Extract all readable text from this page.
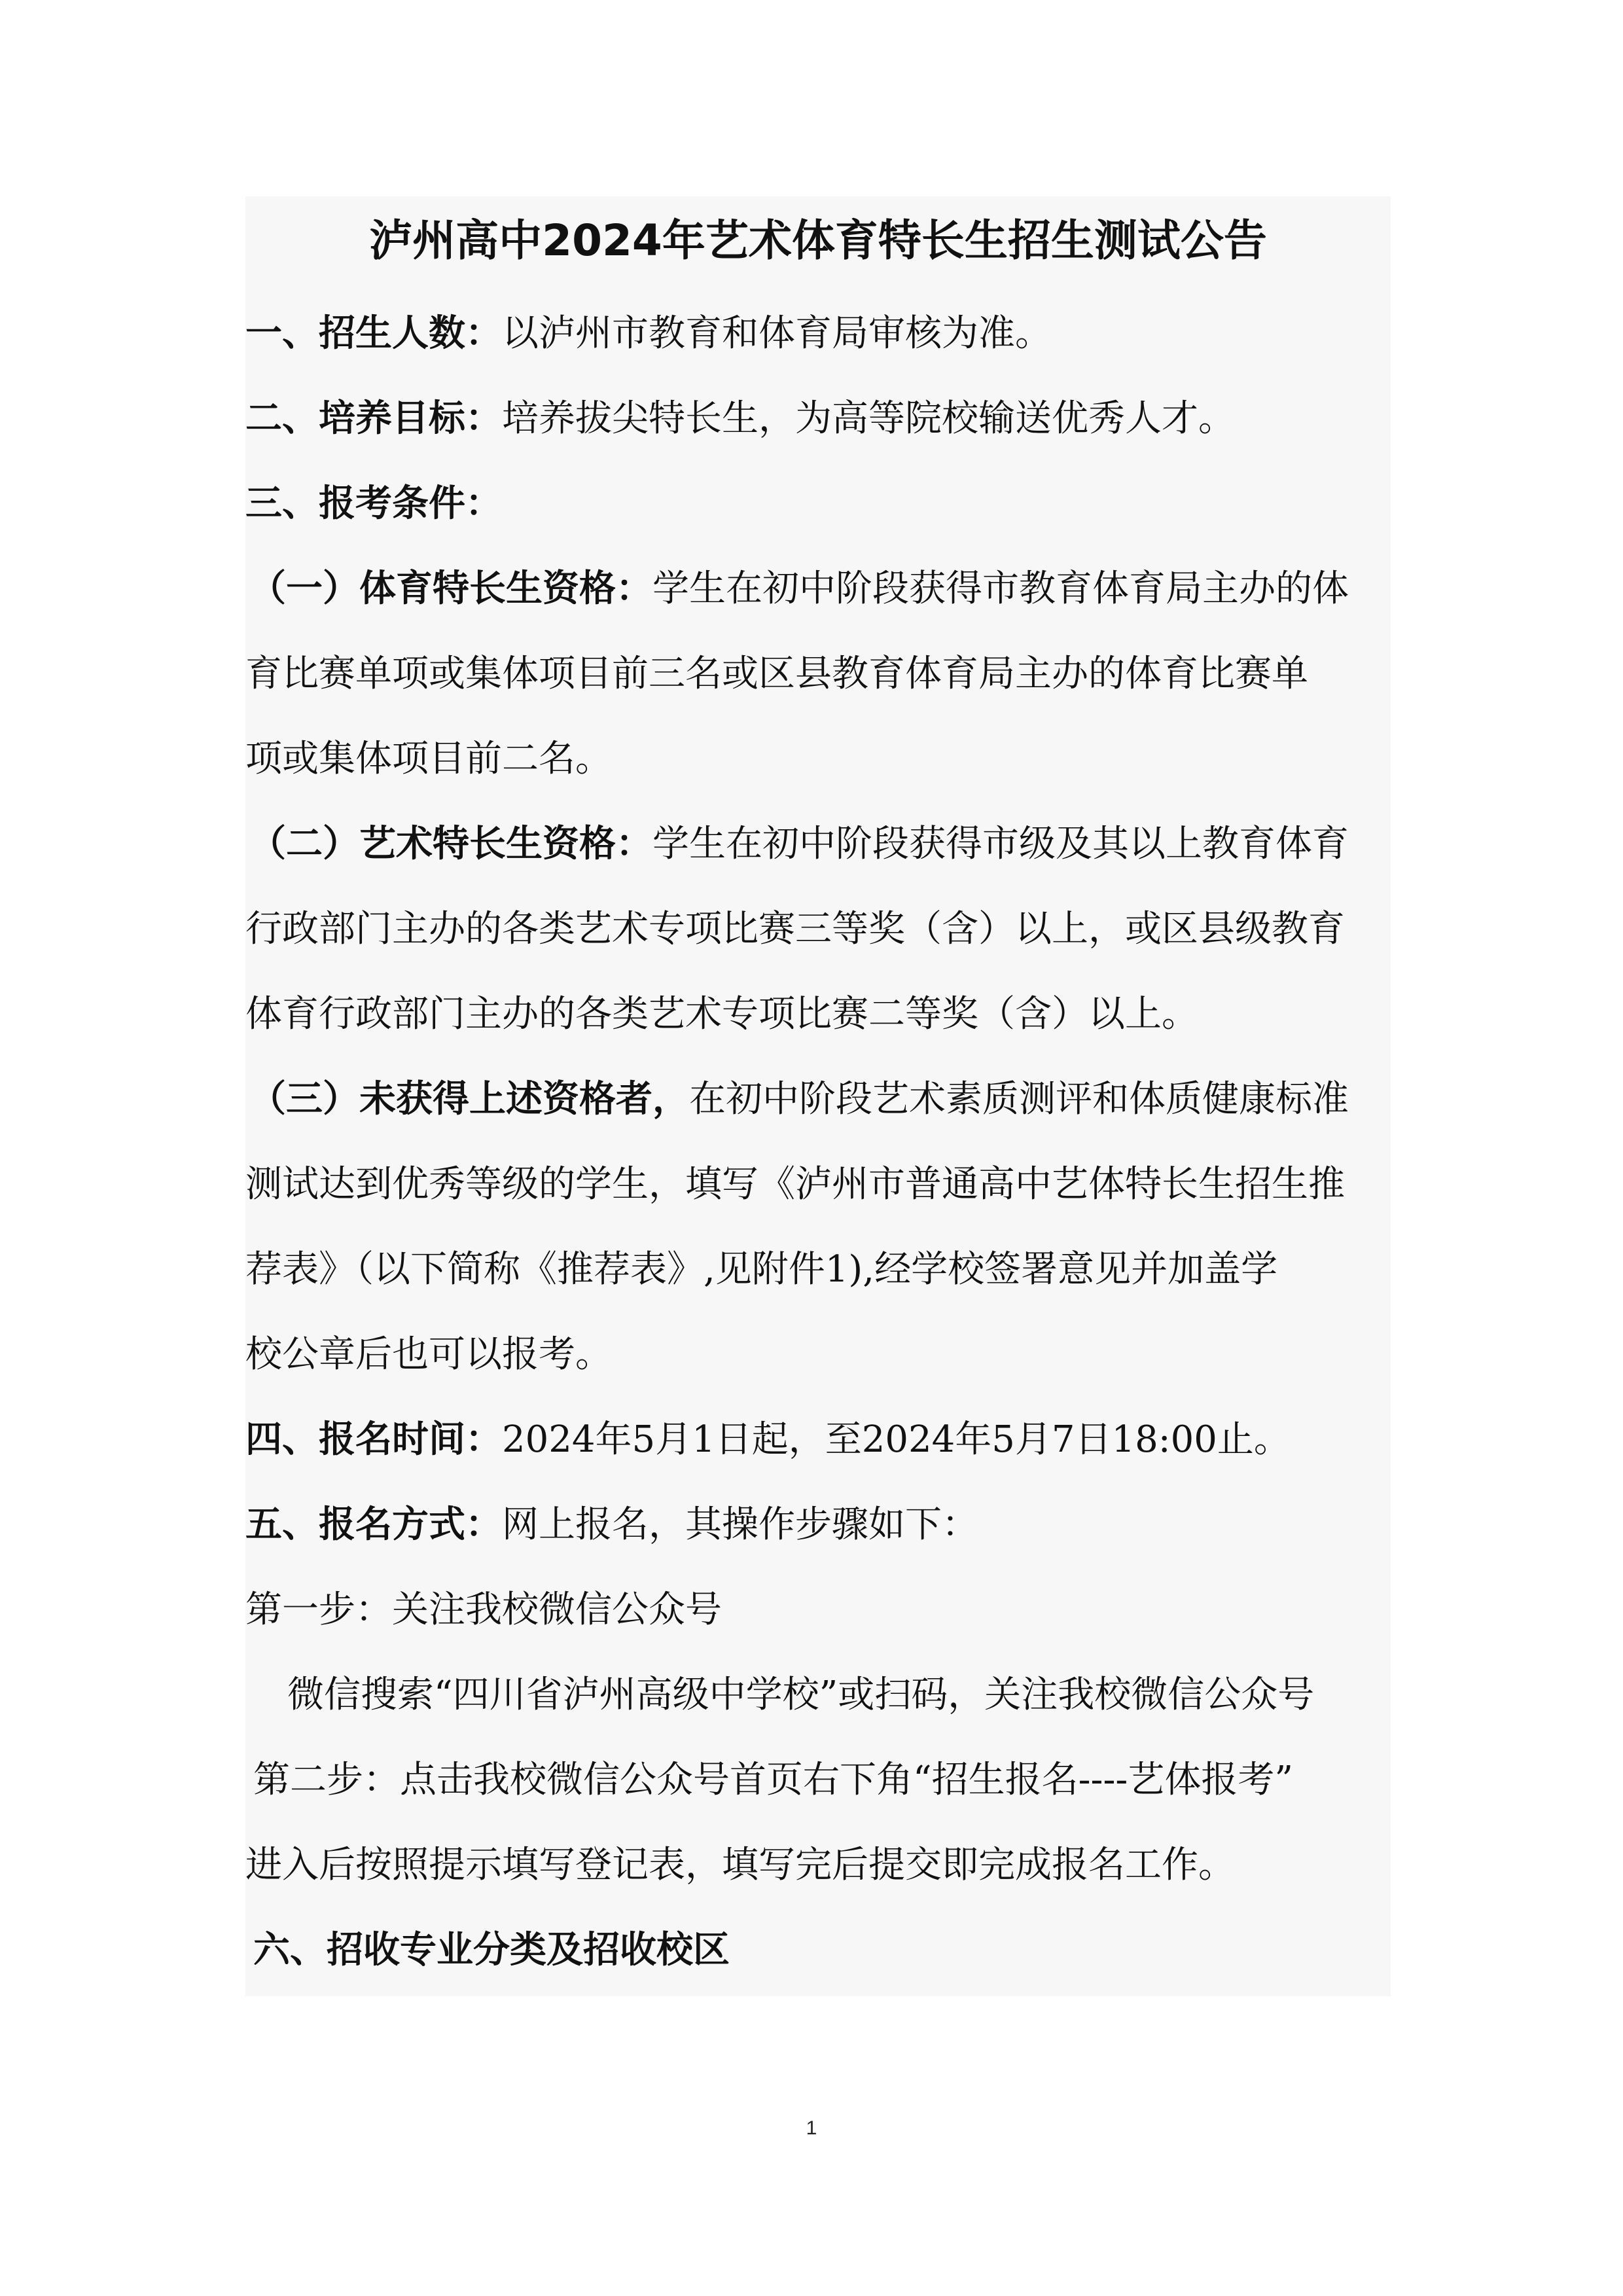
泸州高中2024年艺术体育特长生招生测试公告

一、招生人数：以泸州市教育和体育局审核为准。

二、培养目标：培养拔尖特长生，为高等院校输送优秀人才。

三、报考条件：

（一）体育特长生资格：学生在初中阶段获得市教育体育局主办的体

育比赛单项或集体项目前三名或区县教育体育局主办的体育比赛单

项或集体项目前二名。

（二）艺术特长生资格：学生在初中阶段获得市级及其以上教育体育

行政部门主办的各类艺术专项比赛三等奖（含）以上，或区县级教育

体育行政部门主办的各类艺术专项比赛二等奖（含）以上。

（三）未获得上述资格者，在初中阶段艺术素质测评和体质健康标准

测试达到优秀等级的学生，填写《泸州市普通高中艺体特长生招生推

荐表》（以下简称《推荐表》,见附件1),经学校签署意见并加盖学

校公章后也可以报考。

四、报名时间：2024年5月1日起，至2024年5月7日18:00止。

五、报名方式：网上报名，其操作步骤如下：

第一步：关注我校微信公众号

微信搜索“四川省泸州高级中学校”或扫码，关注我校微信公众号

第二步：点击我校微信公众号首页右下角“招生报名----艺体报考”

进入后按照提示填写登记表，填写完后提交即完成报名工作。

六、招收专业分类及招收校区

1
